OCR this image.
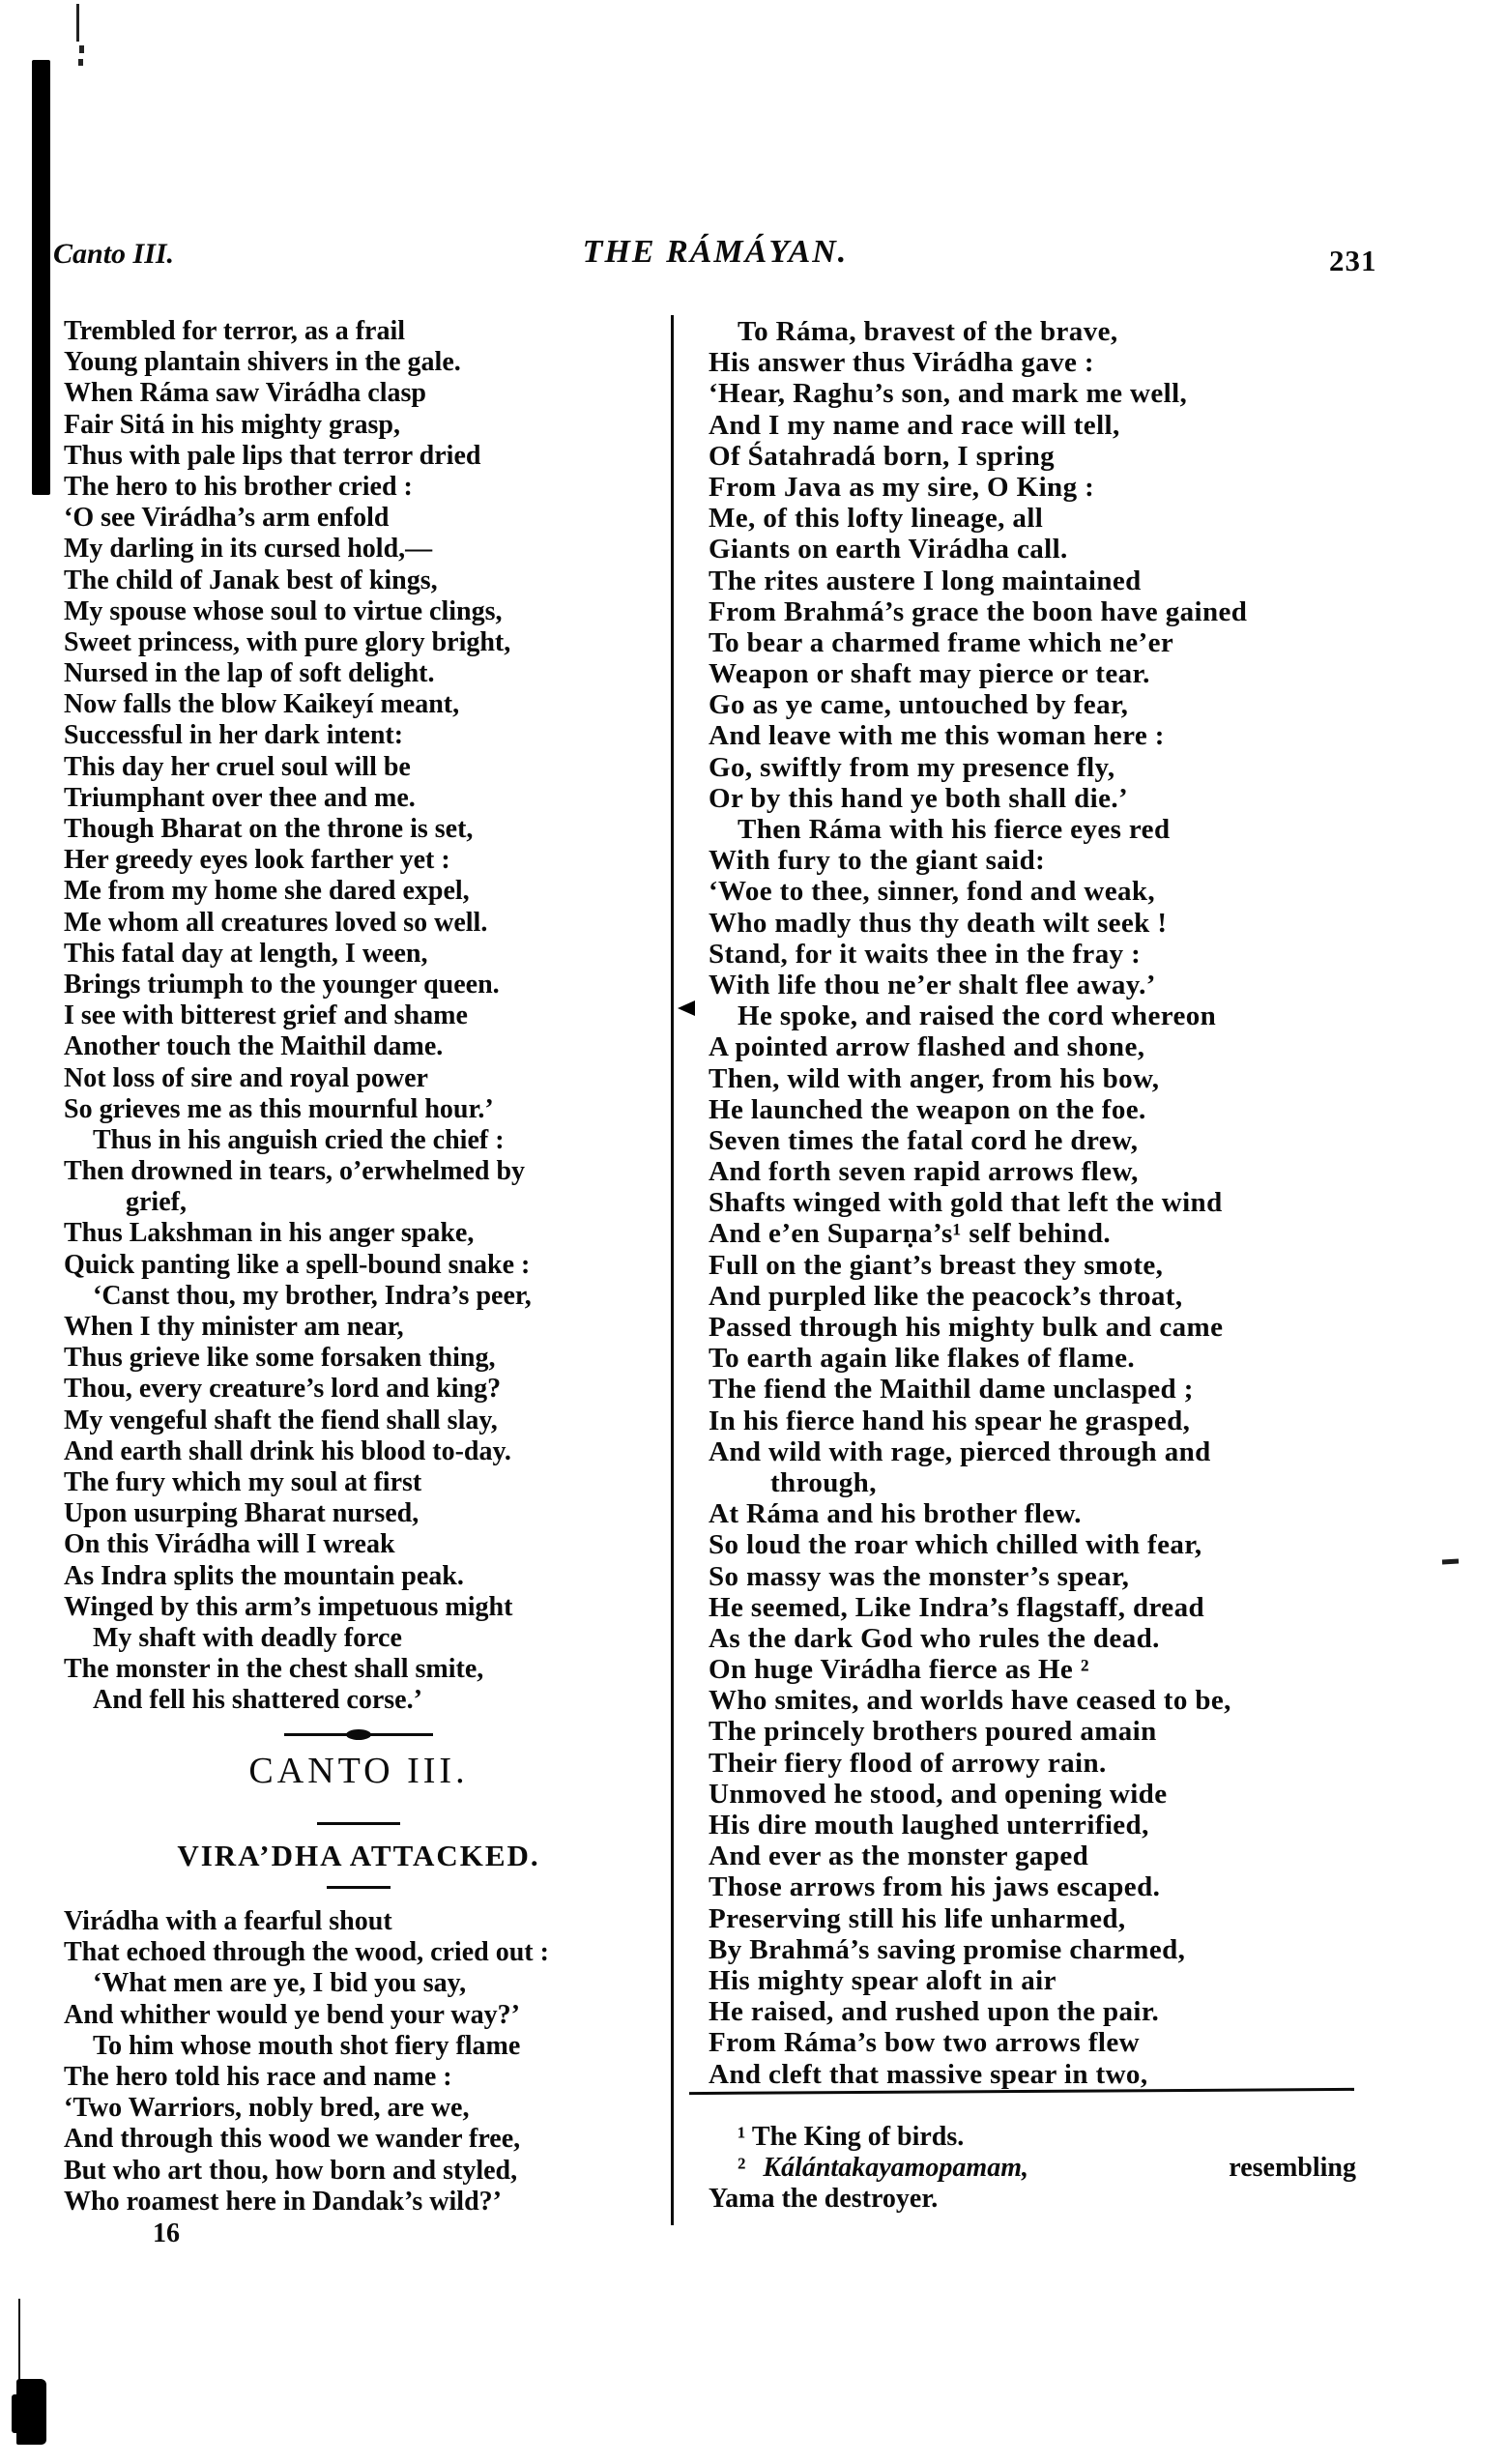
Canto III.	THE RÁMÁYAN.	231
Trembled for terror, as a frail
Young plantain shivers in the gale.
When Ráma saw Virádha clasp
Fair Sitá in his mighty grasp,
Thus with pale lips that terror dried
The hero to his brother cried :
‘O see Virádha’s arm enfold
My darling in its cursed hold,—
The child of Janak best of kings,
My spouse whose soul to virtue clings,
Sweet princess, with pure glory bright,
Nursed in the lap of soft delight.
Now falls the blow Kaikeyí meant,
Successful in her dark intent:
This day her cruel soul will be
Triumphant over thee and me.
Though Bharat on the throne is set,
Her greedy eyes look farther yet :
Me from my home she dared expel,
Me whom all creatures loved so well.
This fatal day at length, I ween,
Brings triumph to the younger queen.
I see with bitterest grief and shame
Another touch the Maithil dame.
Not loss of sire and royal power
So grieves me as this mournful hour.’
Thus in his anguish cried the chief :
Then drowned in tears, o’erwhelmed by
grief,
Thus Lakshman in his anger spake,
Quick panting like a spell-bound snake :
‘Canst thou, my brother, Indra’s peer,
When I thy minister am near,
Thus grieve like some forsaken thing,
Thou, every creature’s lord and king?
My vengeful shaft the fiend shall slay,
And earth shall drink his blood to-day.
The fury which my soul at first
Upon usurping Bharat nursed,
On this Virádha will I wreak
As Indra splits the mountain peak.
Winged by this arm’s impetuous might
My shaft with deadly force
The monster in the chest shall smite,
And fell his shattered corse.’
CANTO III.
VIRA’DHA ATTACKED.
Virádha with a fearful shout
That echoed through the wood, cried out :
‘What men are ye, I bid you say,
And whither would ye bend your way?’
To him whose mouth shot fiery flame
The hero told his race and name :
‘Two Warriors, nobly bred, are we,
And through this wood we wander free,
But who art thou, how born and styled,
Who roamest here in Dandak’s wild?’
16
To Ráma, bravest of the brave,
His answer thus Virádha gave :
‘Hear, Raghu’s son, and mark me well,
And I my name and race will tell,
Of Śatahradá born, I spring
From Java as my sire, O King :
Me, of this lofty lineage, all
Giants on earth Virádha call.
The rites austere I long maintained
From Brahmá’s grace the boon have gained
To bear a charmed frame which ne’er
Weapon or shaft may pierce or tear.
Go as ye came, untouched by fear,
And leave with me this woman here :
Go, swiftly from my presence fly,
Or by this hand ye both shall die.’
Then Ráma with his fierce eyes red
With fury to the giant said:
‘Woe to thee, sinner, fond and weak,
Who madly thus thy death wilt seek !
Stand, for it waits thee in the fray :
With life thou ne’er shalt flee away.’
He spoke, and raised the cord whereon
A pointed arrow flashed and shone,
Then, wild with anger, from his bow,
He launched the weapon on the foe.
Seven times the fatal cord he drew,
And forth seven rapid arrows flew,
Shafts winged with gold that left the wind
And e’en Suparṇa’s¹ self behind.
Full on the giant’s breast they smote,
And purpled like the peacock’s throat,
Passed through his mighty bulk and came
To earth again like flakes of flame.
The fiend the Maithil dame unclasped ;
In his fierce hand his spear he grasped,
And wild with rage, pierced through and
through,
At Ráma and his brother flew.
So loud the roar which chilled with fear,
So massy was the monster’s spear,
He seemed, Like Indra’s flagstaff, dread
As the dark God who rules the dead.
On huge Virádha fierce as He ²
Who smites, and worlds have ceased to be,
The princely brothers poured amain
Their fiery flood of arrowy rain.
Unmoved he stood, and opening wide
His dire mouth laughed unterrified,
And ever as the monster gaped
Those arrows from his jaws escaped.
Preserving still his life unharmed,
By Brahmá’s saving promise charmed,
His mighty spear aloft in air
He raised, and rushed upon the pair.
From Ráma’s bow two arrows flew
And cleft that massive spear in two,
¹ The King of birds.
² Kálántakayamopamam,	resembling
Yama the destroyer.
